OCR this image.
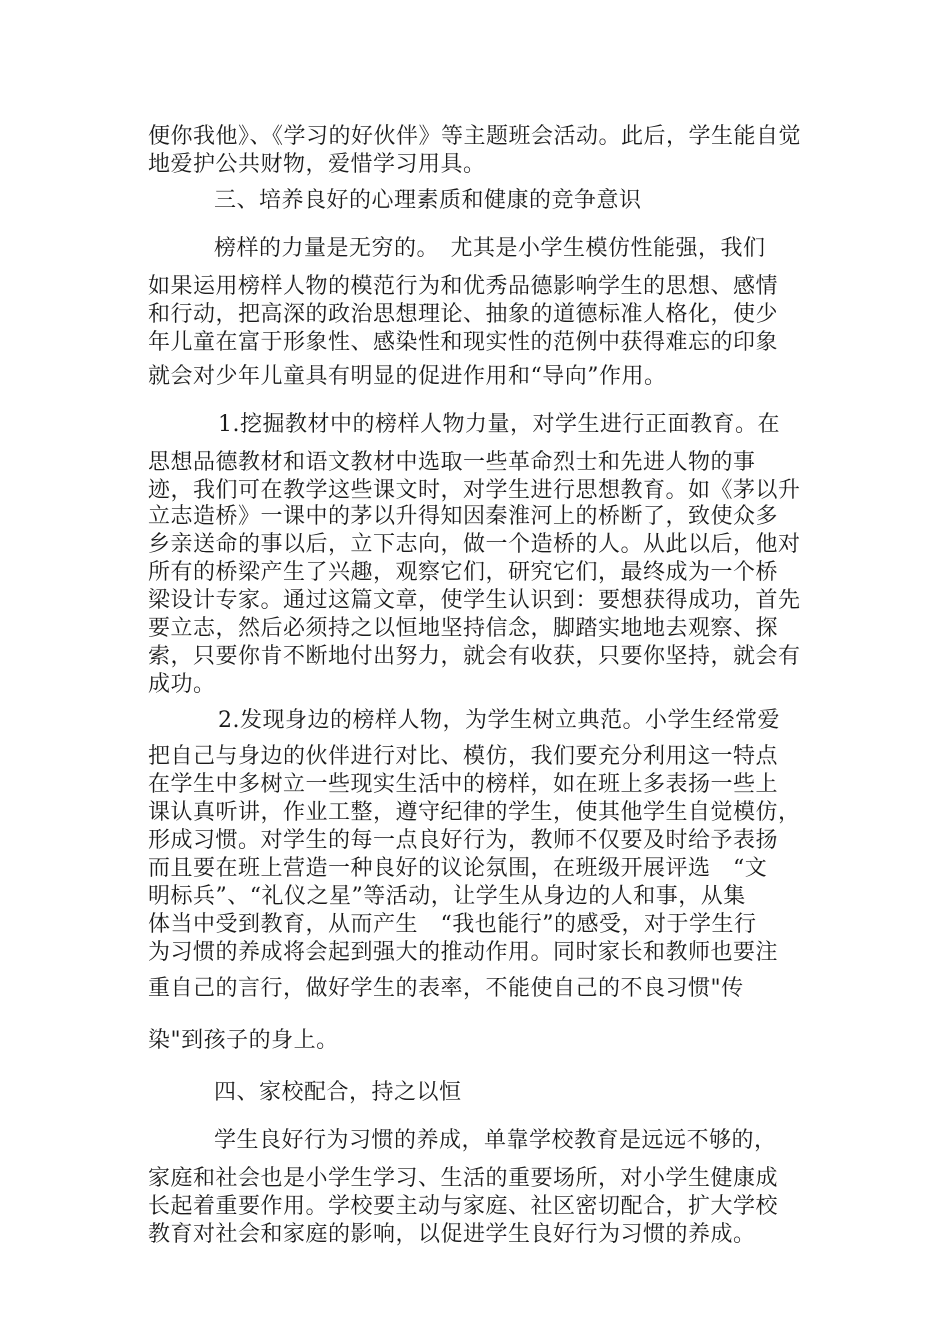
便你我他》、《学习的好伙伴》等主题班会活动。此后，学生能自觉
地爱护公共财物，爱惜学习用具。
三、培养良好的心理素质和健康的竞争意识
榜样的力量是无穷的。　尤其是小学生模仿性能强，我们
如果运用榜样人物的模范行为和优秀品德影响学生的思想、感情
和行动，把高深的政治思想理论、抽象的道德标准人格化，使少
年儿童在富于形象性、感染性和现实性的范例中获得难忘的印象
就会对少年儿童具有明显的促进作用和“导向”作用。
1.挖掘教材中的榜样人物力量，对学生进行正面教育。在
思想品德教材和语文教材中选取一些革命烈士和先进人物的事
迹，我们可在教学这些课文时，对学生进行思想教育。如《茅以升
立志造桥》一课中的茅以升得知因秦淮河上的桥断了，致使众多
乡亲送命的事以后，立下志向，做一个造桥的人。从此以后，他对
所有的桥梁产生了兴趣，观察它们，研究它们，最终成为一个桥
梁设计专家。通过这篇文章，使学生认识到：要想获得成功，首先
要立志，然后必须持之以恒地坚持信念，脚踏实地地去观察、探
索，只要你肯不断地付出努力，就会有收获，只要你坚持，就会有
成功。
2.发现身边的榜样人物，为学生树立典范。小学生经常爱
把自己与身边的伙伴进行对比、模仿，我们要充分利用这一特点
在学生中多树立一些现实生活中的榜样，如在班上多表扬一些上
课认真听讲，作业工整，遵守纪律的学生，使其他学生自觉模仿，
形成习惯。对学生的每一点良好行为，教师不仅要及时给予表扬
而且要在班上营造一种良好的议论氛围，在班级开展评选　“文
明标兵”、“礼仪之星”等活动，让学生从身边的人和事，从集
体当中受到教育，从而产生　“我也能行”的感受，对于学生行
为习惯的养成将会起到强大的推动作用。同时家长和教师也要注
重自己的言行，做好学生的表率，不能使自己的不良习惯"传
染"到孩子的身上。
四、家校配合，持之以恒
学生良好行为习惯的养成，单靠学校教育是远远不够的，
家庭和社会也是小学生学习、生活的重要场所，对小学生健康成
长起着重要作用。学校要主动与家庭、社区密切配合，扩大学校
教育对社会和家庭的影响，以促进学生良好行为习惯的养成。
